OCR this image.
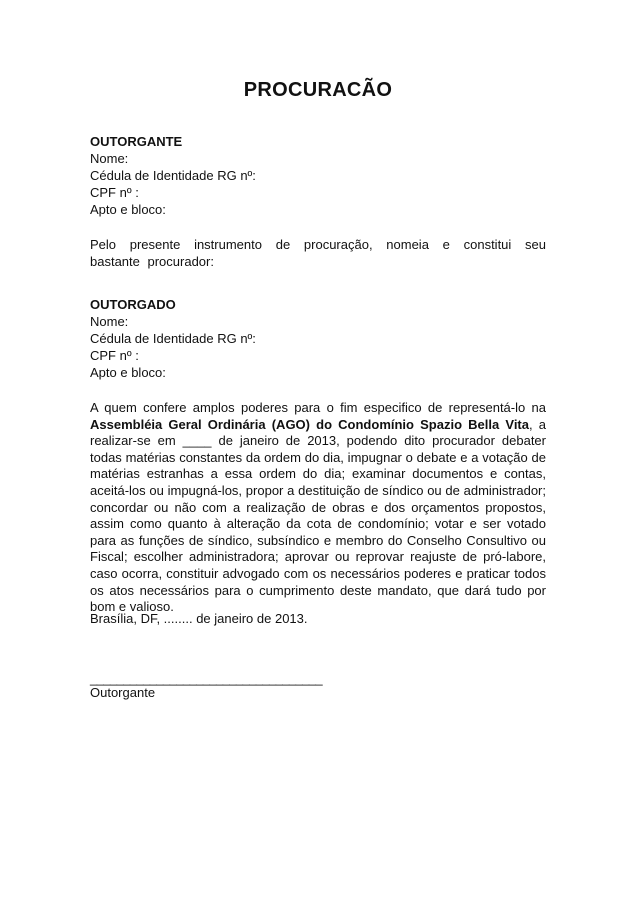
PROCURACÃO
OUTORGANTE
Nome:
Cédula de Identidade RG nº:
CPF nº :
Apto e bloco:
Pelo presente instrumento de procuração, nomeia e constitui seu bastante procurador:
OUTORGADO
Nome:
Cédula de Identidade RG nº:
CPF nº :
Apto e bloco:
A quem confere amplos poderes para o fim especifico de representá-lo na Assembléia Geral Ordinária (AGO) do Condomínio Spazio Bella Vita, a realizar-se em ____ de janeiro de 2013, podendo dito procurador debater todas matérias constantes da ordem do dia, impugnar o debate e a votação de matérias estranhas a essa ordem do dia; examinar documentos e contas, aceitá-los ou impugná-los, propor a destituição de síndico ou de administrador; concordar ou não com a realização de obras e dos orçamentos propostos, assim como quanto à alteração da cota de condomínio; votar e ser votado para as funções de síndico, subsíndico e membro do Conselho Consultivo ou Fiscal; escolher administradora; aprovar ou reprovar reajuste de pró-labore, caso ocorra, constituir advogado com os necessários poderes e praticar todos os atos necessários para o cumprimento deste mandato, que dará tudo por bom e valioso.
Brasília, DF, ........ de janeiro de 2013.
___________________________________
Outorgante
